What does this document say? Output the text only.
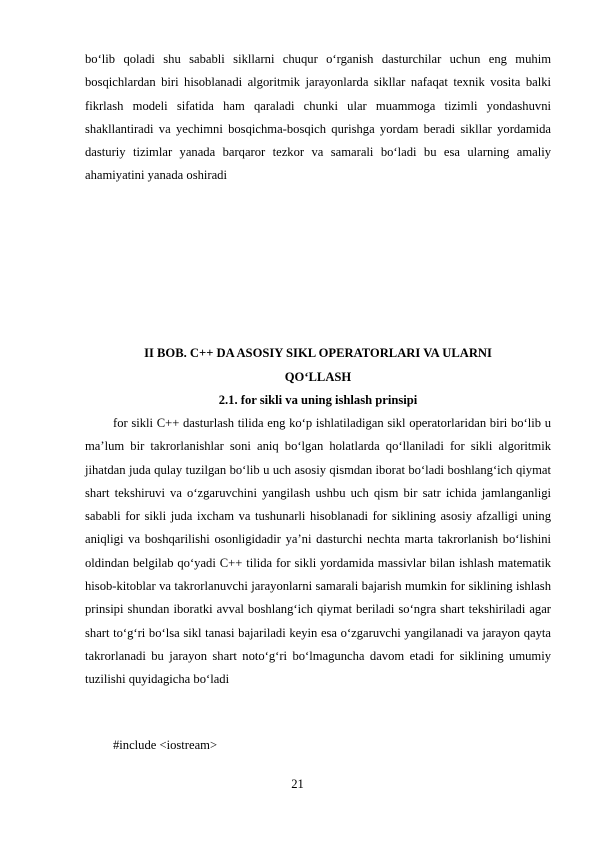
bo‘lib qoladi shu sababli sikllarni chuqur o‘rganish dasturchilar uchun eng muhim bosqichlardan biri hisoblanadi algoritmik jarayonlarda sikllar nafaqat texnik vosita balki fikrlash modeli sifatida ham qaraladi chunki ular muammoga tizimli yondashuvni shakllantiradi va yechimni bosqichma-bosqich qurishga yordam beradi sikllar yordamida dasturiy tizimlar yanada barqaror tezkor va samarali bo‘ladi bu esa ularning amaliy ahamiyatini yanada oshiradi

II BOB. C++ DA ASOSIY SIKL OPERATORLARI VA ULARNI

QO‘LLASH

2.1. for sikli va uning ishlash prinsipi

for sikli C++ dasturlash tilida eng ko‘p ishlatiladigan sikl operatorlaridan biri bo‘lib u ma’lum bir takrorlanishlar soni aniq bo‘lgan holatlarda qo‘llaniladi for sikli algoritmik jihatdan juda qulay tuzilgan bo‘lib u uch asosiy qismdan iborat bo‘ladi boshlang‘ich qiymat shart tekshiruvi va o‘zgaruvchini yangilash ushbu uch qism bir satr ichida jamlanganligi sababli for sikli juda ixcham va tushunarli hisoblanadi for siklining asosiy afzalligi uning aniqligi va boshqarilishi osonligidadir ya’ni dasturchi nechta marta takrorlanish bo‘lishini oldindan belgilab qo‘yadi C++ tilida for sikli yordamida massivlar bilan ishlash matematik hisob-kitoblar va takrorlanuvchi jarayonlarni samarali bajarish mumkin for siklining ishlash prinsipi shundan iboratki avval boshlang‘ich qiymat beriladi so‘ngra shart tekshiriladi agar shart to‘g‘ri bo‘lsa sikl tanasi bajariladi keyin esa o‘zgaruvchi yangilanadi va jarayon qayta takrorlanadi bu jarayon shart noto‘g‘ri bo‘lmaguncha davom etadi for siklining umumiy tuzilishi quyidagicha bo‘ladi

#include <iostream>

21
